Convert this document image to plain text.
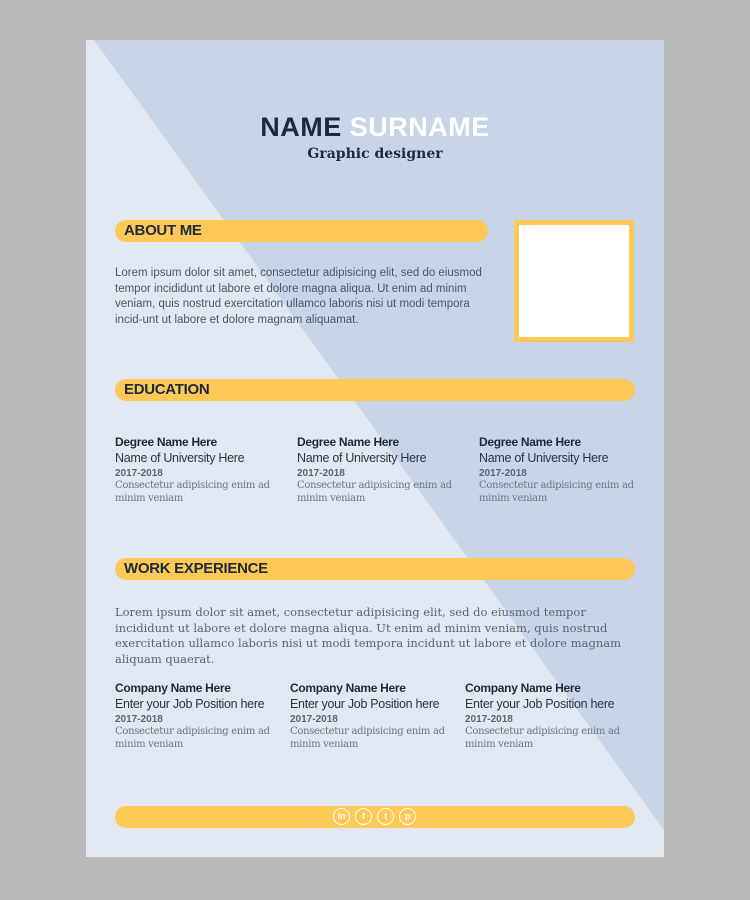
NAME SURNAME
Graphic designer
ABOUT ME
Lorem ipsum dolor sit amet, consectetur adipisicing elit, sed do eiusmod tempor incididunt ut labore et dolore magna aliqua. Ut enim ad minim veniam, quis nostrud exercitation ullamco laboris nisi ut modi tempora incid-unt ut labore et dolore magnam aliquamat.
EDUCATION
Degree Name Here
Name of University Here
2017-2018
Consectetur adipisicing enim ad minim veniam
Degree Name Here
Name of University Here
2017-2018
Consectetur adipisicing enim ad minim veniam
Degree Name Here
Name of University Here
2017-2018
Consectetur adipisicing enim ad minim veniam
WORK EXPERIENCE
Lorem ipsum dolor sit amet, consectetur adipisicing elit, sed do eiusmod tempor incididunt ut labore et dolore magna aliqua. Ut enim ad minim veniam, quis nostrud exercitation ullamco laboris nisi ut modi tempora incidunt ut labore et dolore magnam aliquam quaerat.
Company Name Here
Enter your Job Position here
2017-2018
Consectetur adipisicing enim ad minim veniam
Company Name Here
Enter your Job Position here
2017-2018
Consectetur adipisicing enim ad minim veniam
Company Name Here
Enter your Job Position here
2017-2018
Consectetur adipisicing enim ad minim veniam
in	f	t	p
